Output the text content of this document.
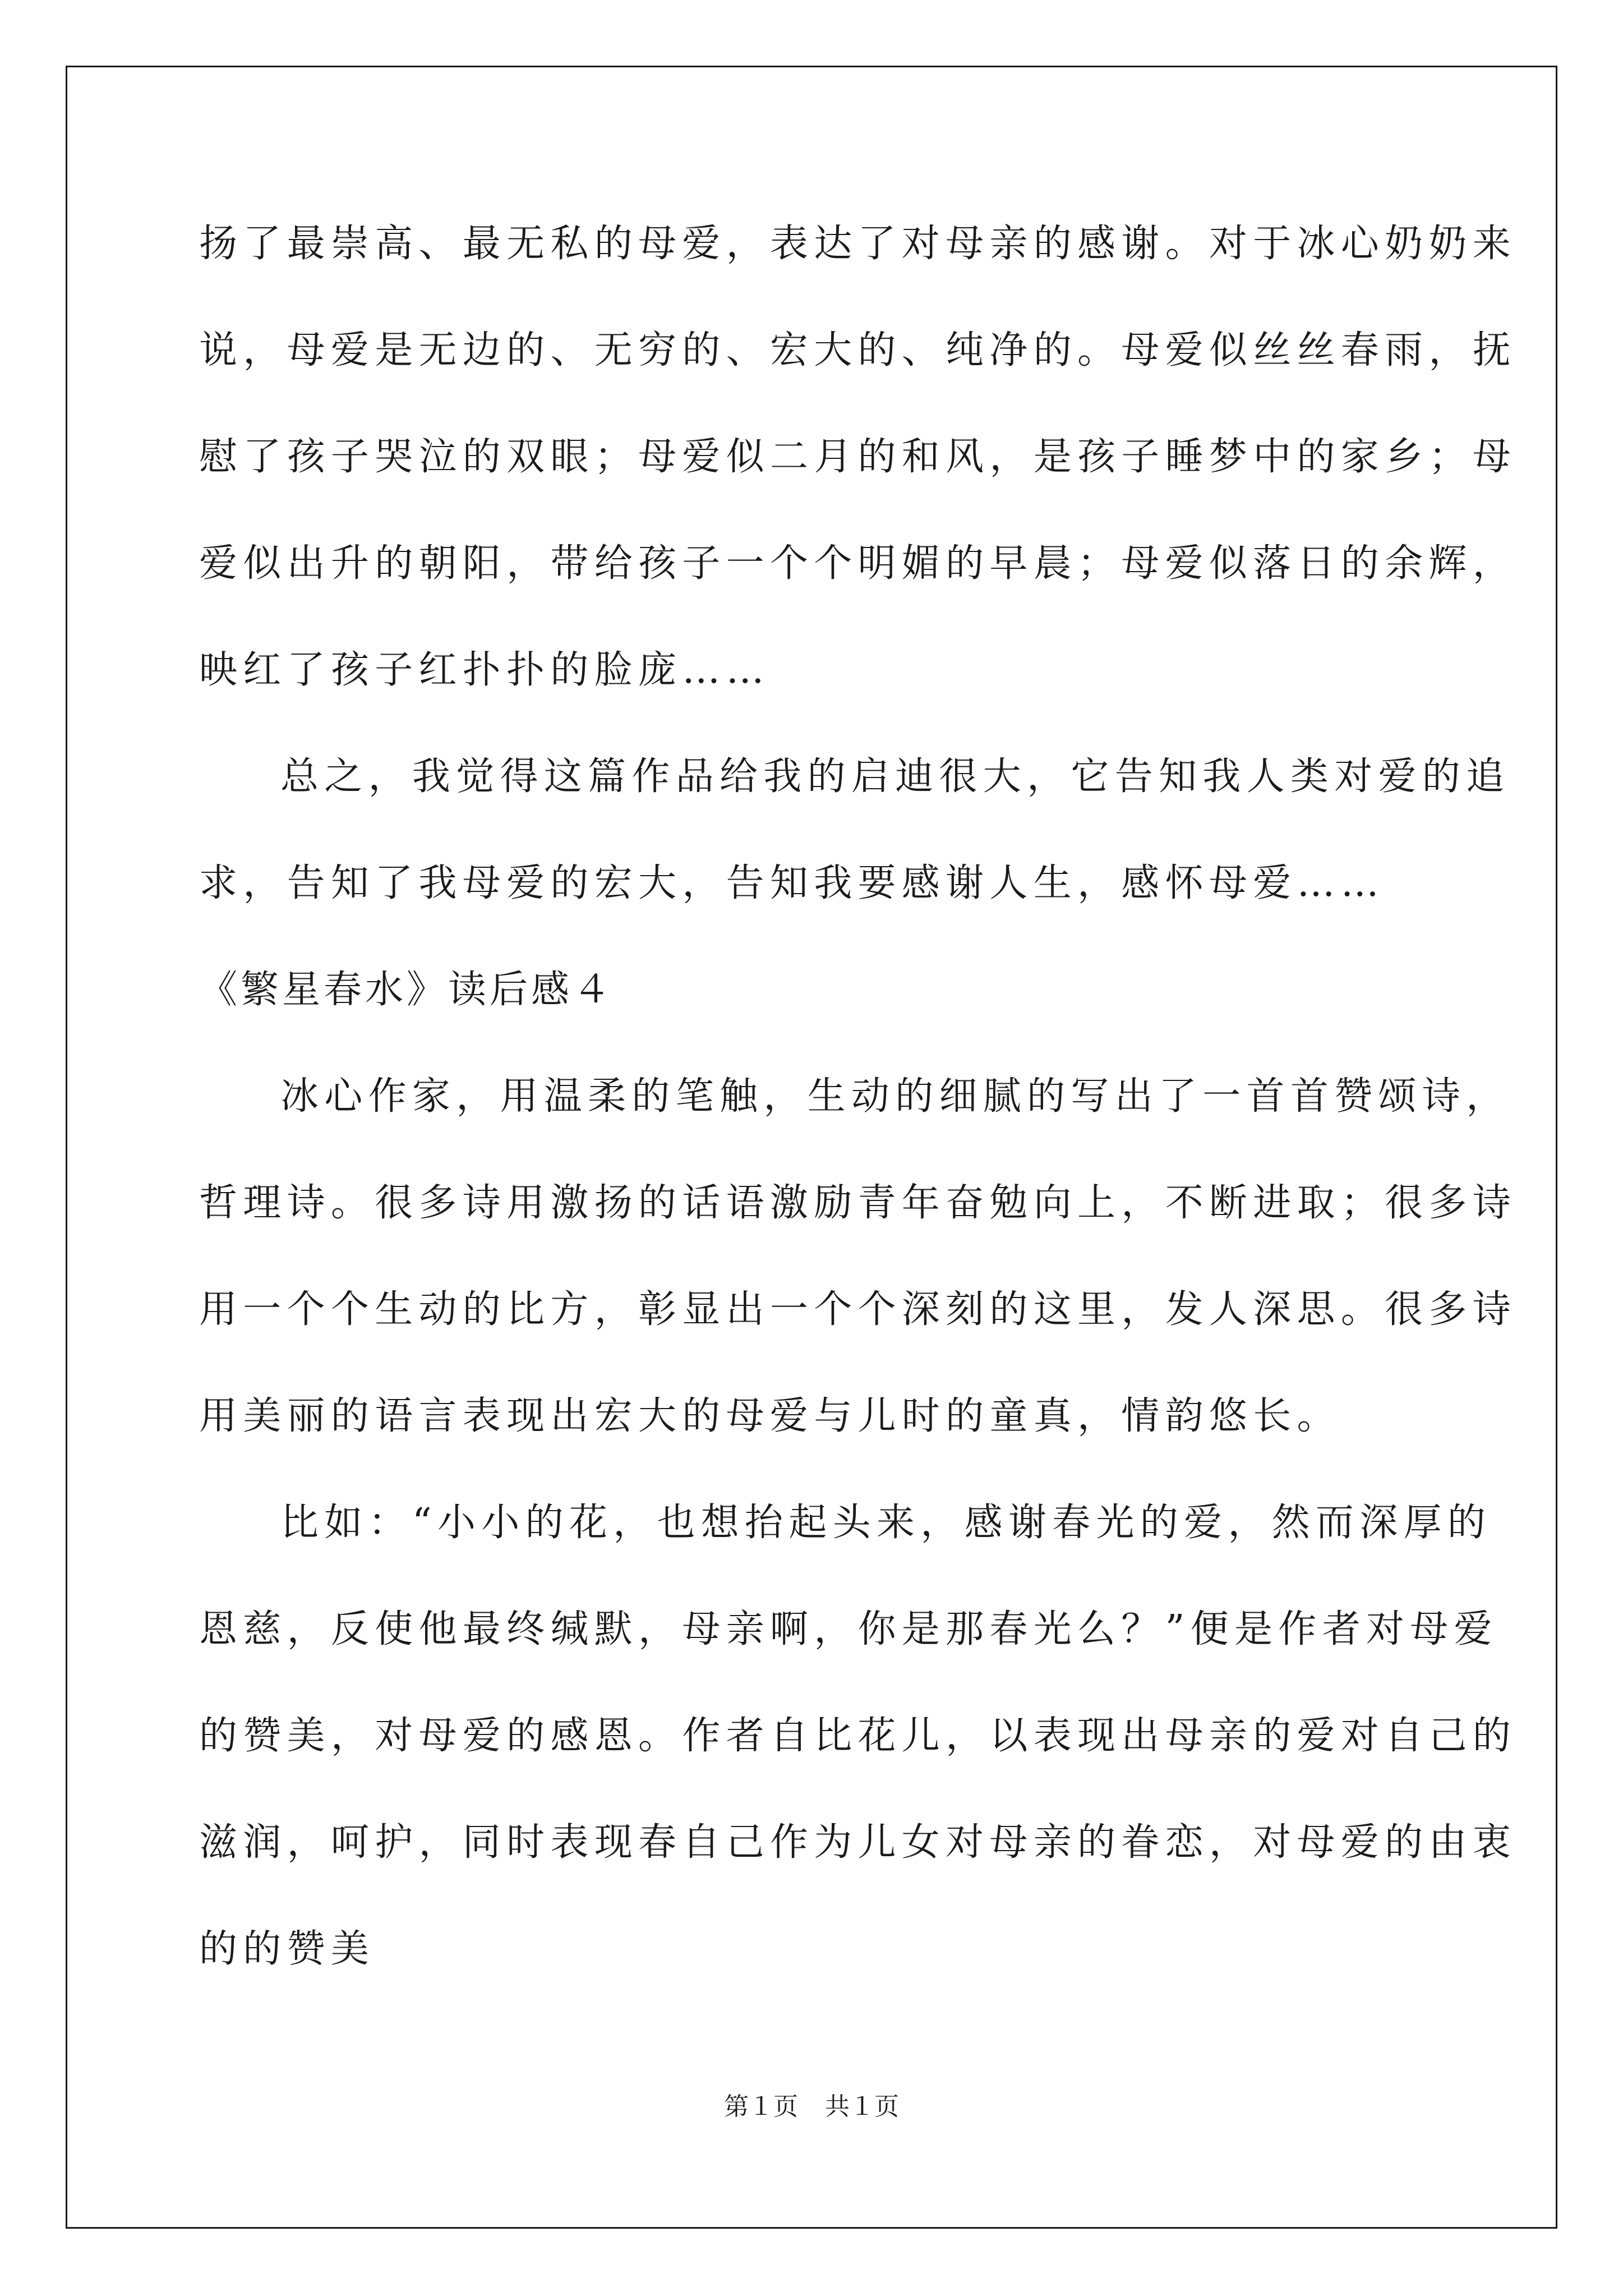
扬了最崇高、最无私的母爱，表达了对母亲的感谢。对于冰心奶奶来
说，母爱是无边的、无穷的、宏大的、纯净的。母爱似丝丝春雨，抚
慰了孩子哭泣的双眼；母爱似二月的和风，是孩子睡梦中的家乡；母
爱似出升的朝阳，带给孩子一个个明媚的早晨；母爱似落日的余辉，
映红了孩子红扑扑的脸庞……
总之，我觉得这篇作品给我的启迪很大，它告知我人类对爱的追
求，告知了我母爱的宏大，告知我要感谢人生，感怀母爱……
《繁星春水》读后感４
冰心作家，用温柔的笔触，生动的细腻的写出了一首首赞颂诗，
哲理诗。很多诗用激扬的话语激励青年奋勉向上，不断进取；很多诗
用一个个生动的比方，彰显出一个个深刻的这里，发人深思。很多诗
用美丽的语言表现出宏大的母爱与儿时的童真，情韵悠长。
比如：“小小的花，也想抬起头来，感谢春光的爱，然而深厚的
恩慈，反使他最终缄默，母亲啊，你是那春光么？”便是作者对母爱
的赞美，对母爱的感恩。作者自比花儿，以表现出母亲的爱对自己的
滋润，呵护，同时表现春自己作为儿女对母亲的眷恋，对母爱的由衷
的的赞美
第１页 共１页
